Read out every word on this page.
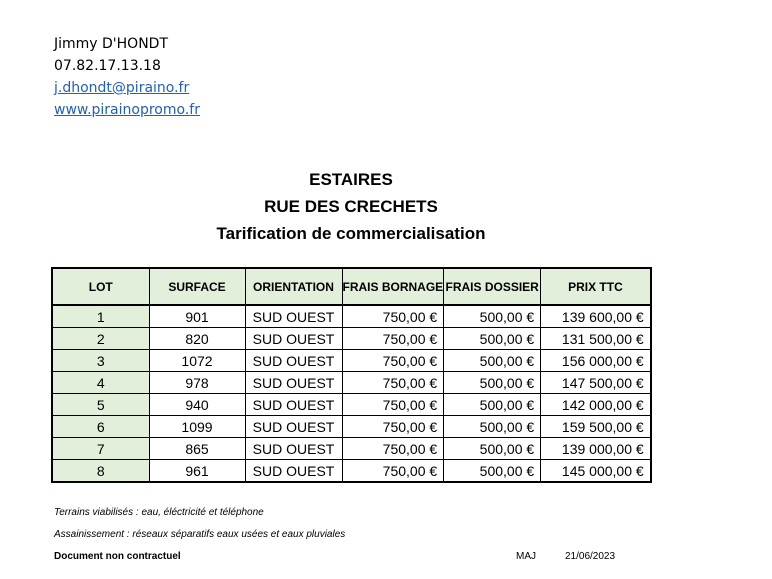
Jimmy D'HONDT
07.82.17.13.18
j.dhondt@piraino.fr
www.pirainopromo.fr
ESTAIRES
RUE DES CRECHETS
Tarification de commercialisation
LOT	SURFACE	ORIENTATION	FRAIS BORNAGE	FRAIS DOSSIER	PRIX TTC
1	901	SUD OUEST	750,00 €	500,00 €	139 600,00 €
2	820	SUD OUEST	750,00 €	500,00 €	131 500,00 €
3	1072	SUD OUEST	750,00 €	500,00 €	156 000,00 €
4	978	SUD OUEST	750,00 €	500,00 €	147 500,00 €
5	940	SUD OUEST	750,00 €	500,00 €	142 000,00 €
6	1099	SUD OUEST	750,00 €	500,00 €	159 500,00 €
7	865	SUD OUEST	750,00 €	500,00 €	139 000,00 €
8	961	SUD OUEST	750,00 €	500,00 €	145 000,00 €
Terrains viabilisés : eau, éléctricité et téléphone
Assainissement : réseaux séparatifs eaux usées et eaux pluviales
Document non contractuel	MAJ	21/06/2023
